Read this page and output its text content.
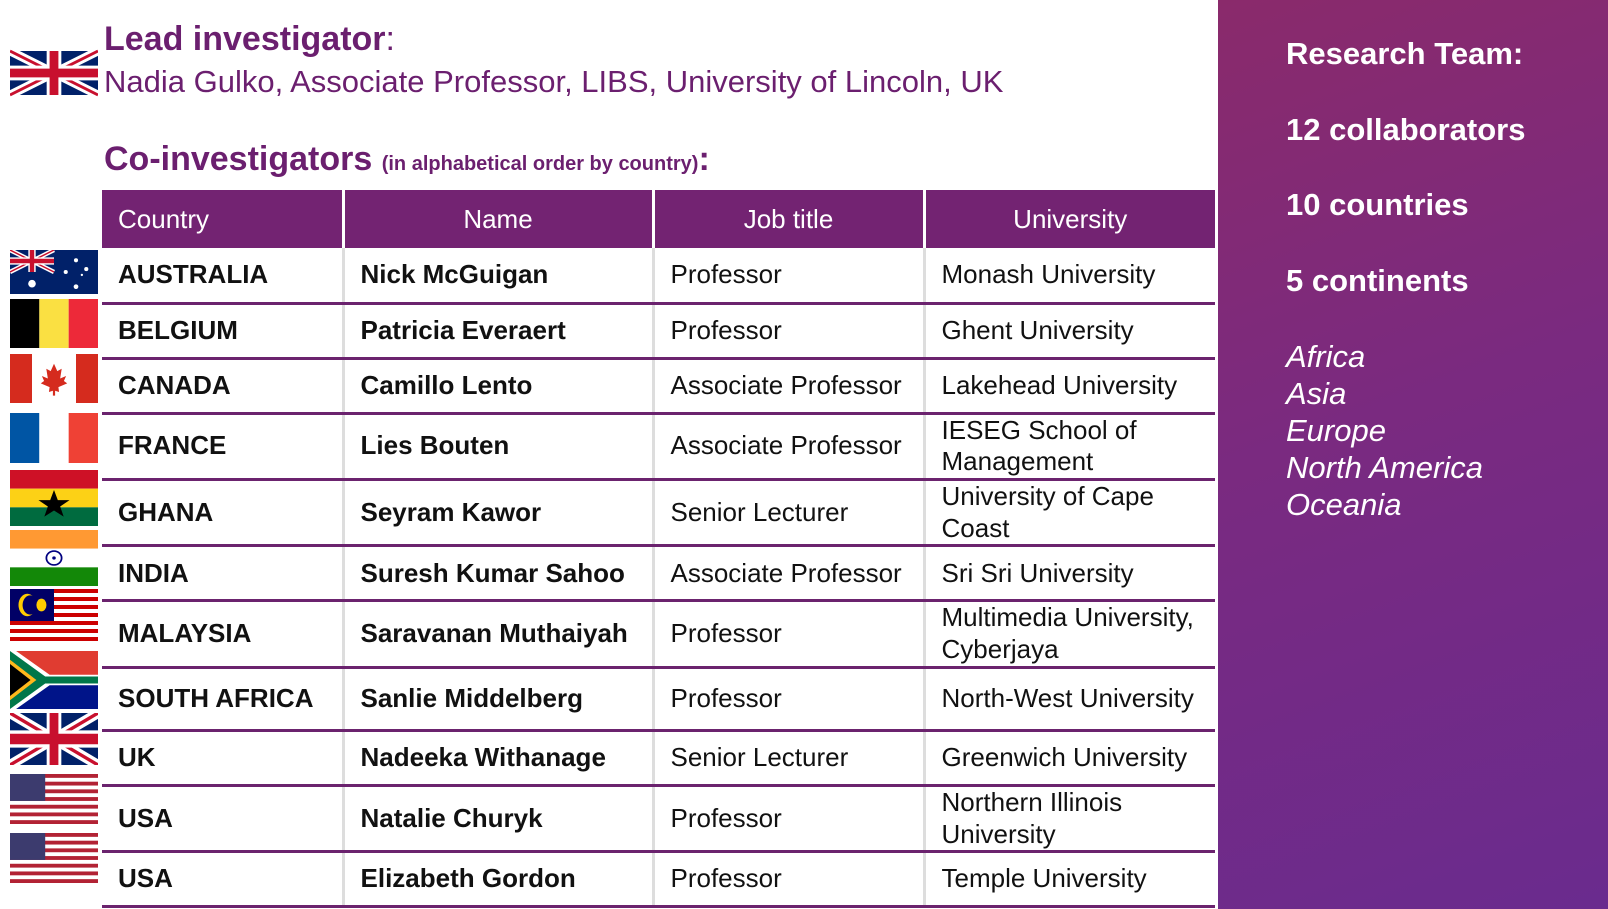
Lead investigator:
Nadia Gulko, Associate Professor, LIBS, University of Lincoln, UK
Co-investigators (in alphabetical order by country):
Country	Name	Job title	University
AUSTRALIA	Nick McGuigan	Professor	Monash University
BELGIUM	Patricia Everaert	Professor	Ghent University
CANADA	Camillo Lento	Associate Professor	Lakehead University
FRANCE	Lies Bouten	Associate Professor	IESEG School of Management
GHANA	Seyram Kawor	Senior Lecturer	University of Cape Coast
INDIA	Suresh Kumar Sahoo	Associate Professor	Sri Sri University
MALAYSIA	Saravanan Muthaiyah	Professor	Multimedia University, Cyberjaya
SOUTH AFRICA	Sanlie Middelberg	Professor	North-West University
UK	Nadeeka Withanage	Senior Lecturer	Greenwich University
USA	Natalie Churyk	Professor	Northern Illinois University
USA	Elizabeth Gordon	Professor	Temple University
Research Team:
12 collaborators
10 countries
5 continents
Africa
Asia
Europe
North America
Oceania
